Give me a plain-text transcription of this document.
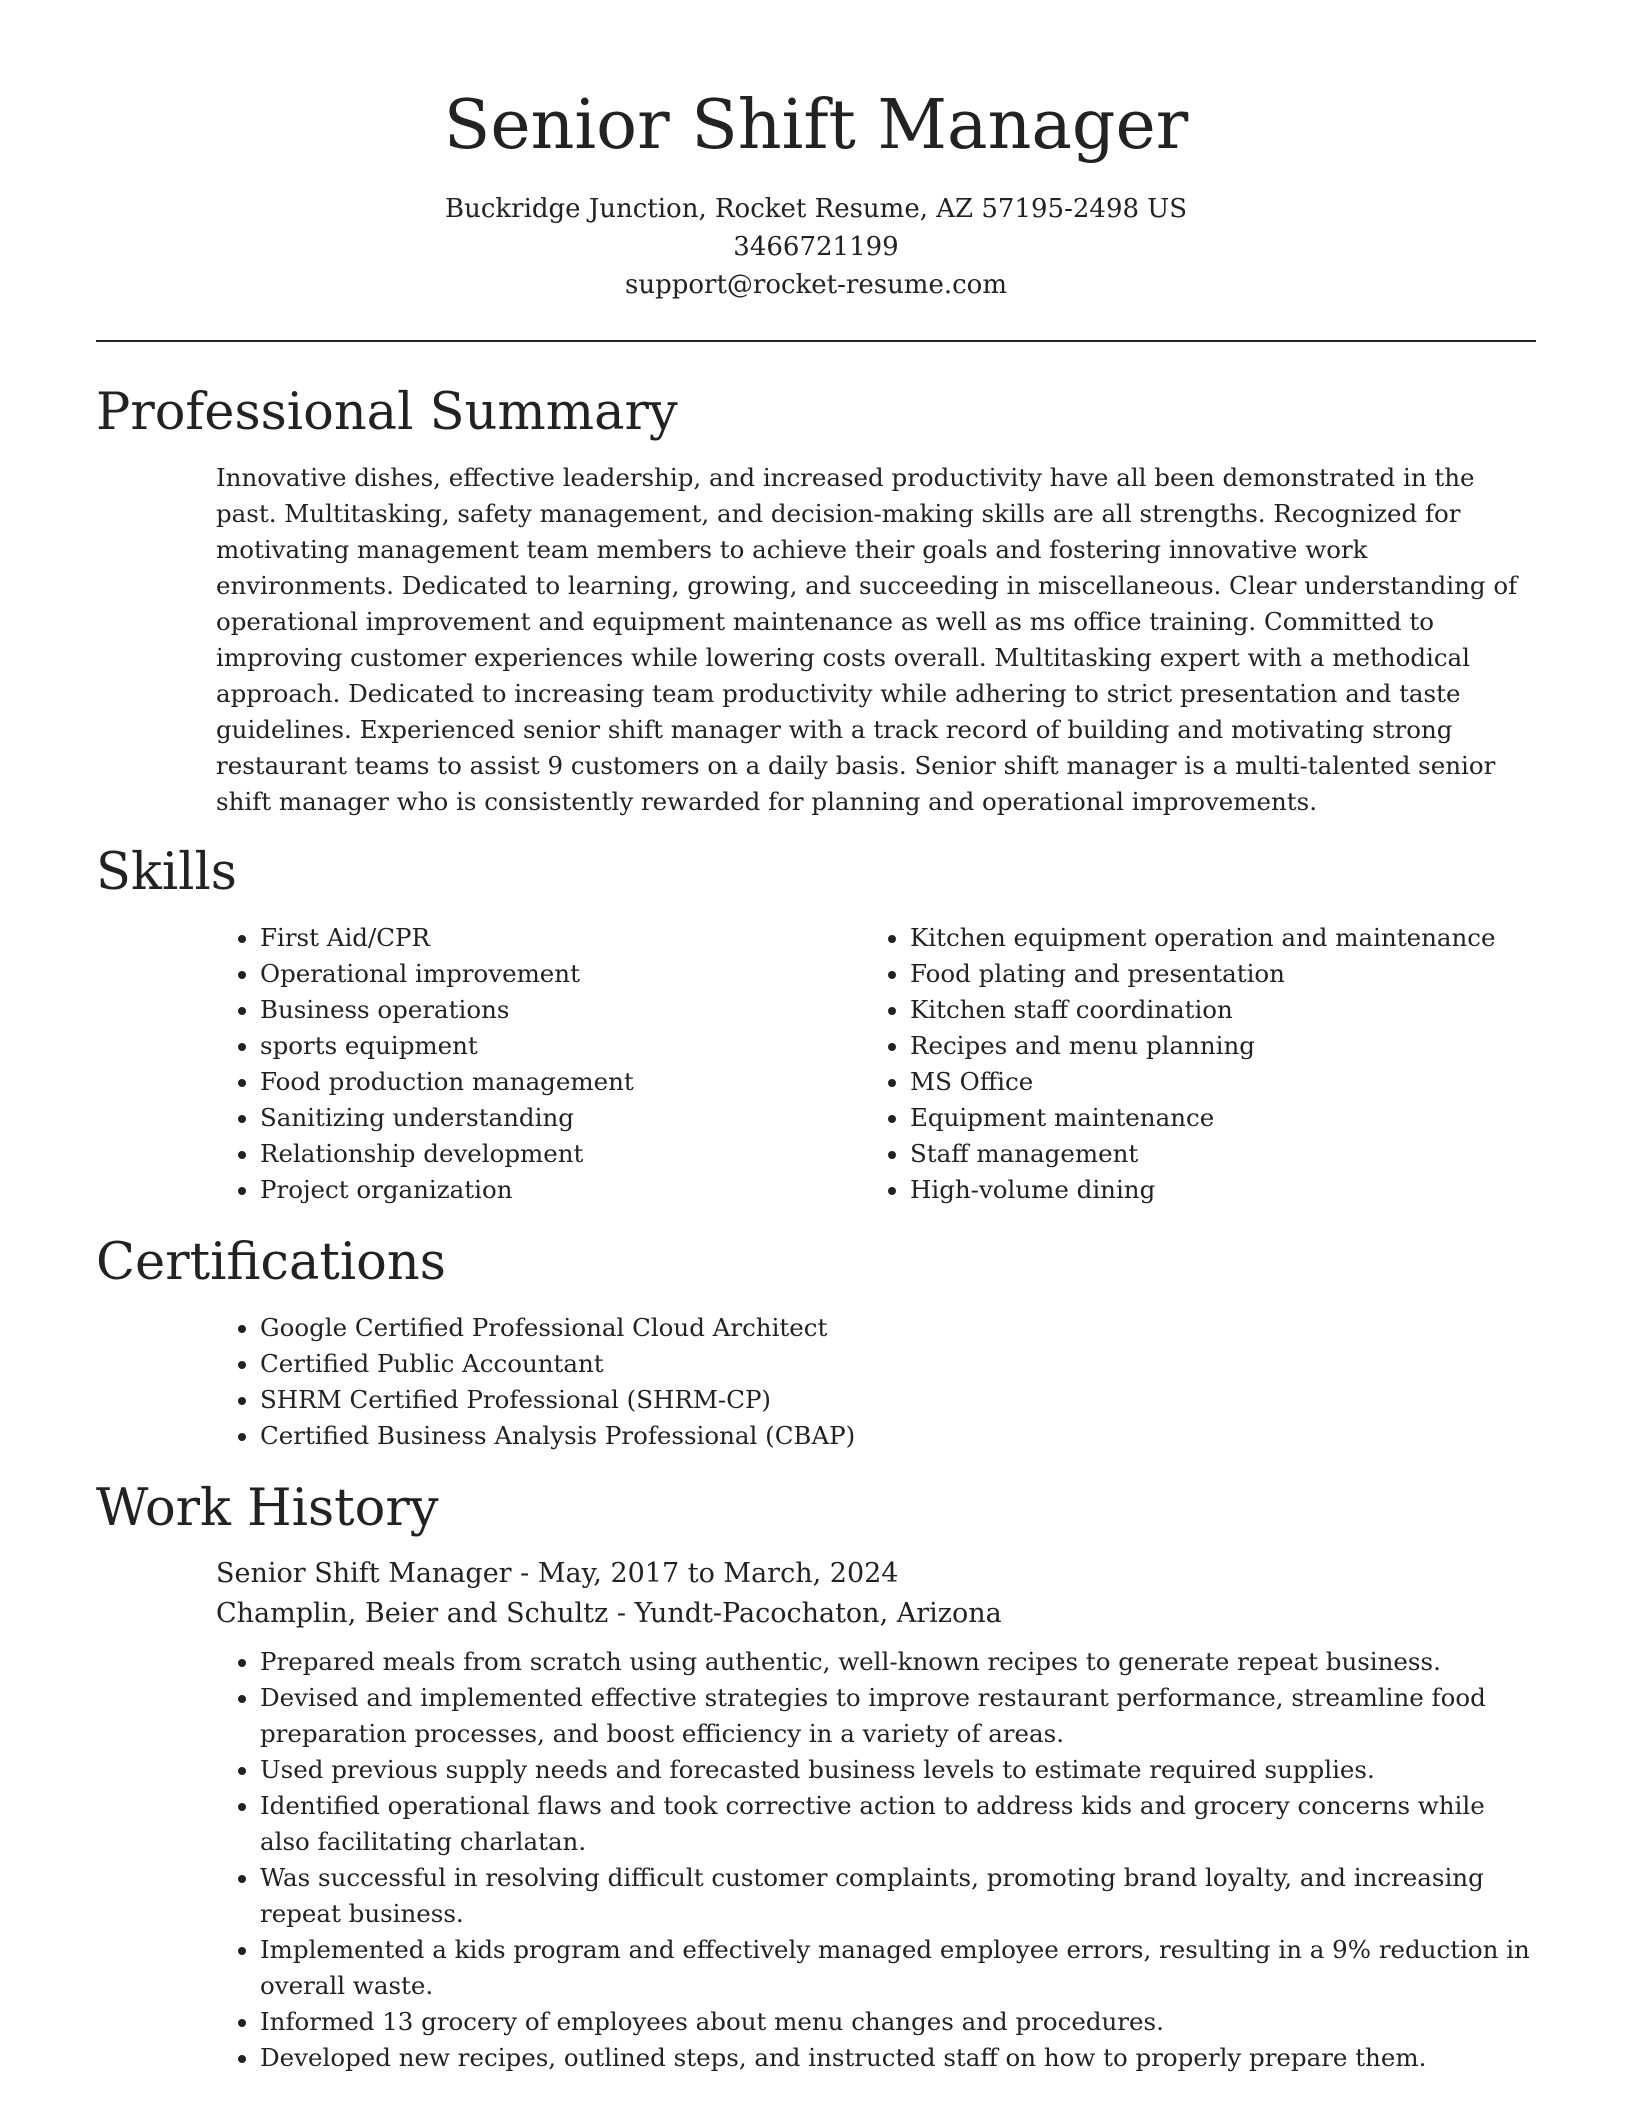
Senior Shift Manager
Buckridge Junction, Rocket Resume, AZ 57195-2498 US
3466721199
support@rocket-resume.com
Professional Summary
Innovative dishes, effective leadership, and increased productivity have all been demonstrated in the past. Multitasking, safety management, and decision-making skills are all strengths. Recognized for motivating management team members to achieve their goals and fostering innovative work environments. Dedicated to learning, growing, and succeeding in miscellaneous. Clear understanding of operational improvement and equipment maintenance as well as ms office training. Committed to improving customer experiences while lowering costs overall. Multitasking expert with a methodical approach. Dedicated to increasing team productivity while adhering to strict presentation and taste guidelines. Experienced senior shift manager with a track record of building and motivating strong restaurant teams to assist 9 customers on a daily basis. Senior shift manager is a multi-talented senior shift manager who is consistently rewarded for planning and operational improvements.
Skills
• First Aid/CPR
• Operational improvement
• Business operations
• sports equipment
• Food production management
• Sanitizing understanding
• Relationship development
• Project organization
• Kitchen equipment operation and maintenance
• Food plating and presentation
• Kitchen staff coordination
• Recipes and menu planning
• MS Office
• Equipment maintenance
• Staff management
• High-volume dining
Certifications
• Google Certified Professional Cloud Architect
• Certified Public Accountant
• SHRM Certified Professional (SHRM-CP)
• Certified Business Analysis Professional (CBAP)
Work History
Senior Shift Manager - May, 2017 to March, 2024
Champlin, Beier and Schultz - Yundt-Pacochaton, Arizona
• Prepared meals from scratch using authentic, well-known recipes to generate repeat business.
• Devised and implemented effective strategies to improve restaurant performance, streamline food preparation processes, and boost efficiency in a variety of areas.
• Used previous supply needs and forecasted business levels to estimate required supplies.
• Identified operational flaws and took corrective action to address kids and grocery concerns while also facilitating charlatan.
• Was successful in resolving difficult customer complaints, promoting brand loyalty, and increasing repeat business.
• Implemented a kids program and effectively managed employee errors, resulting in a 9% reduction in overall waste.
• Informed 13 grocery of employees about menu changes and procedures.
• Developed new recipes, outlined steps, and instructed staff on how to properly prepare them.
